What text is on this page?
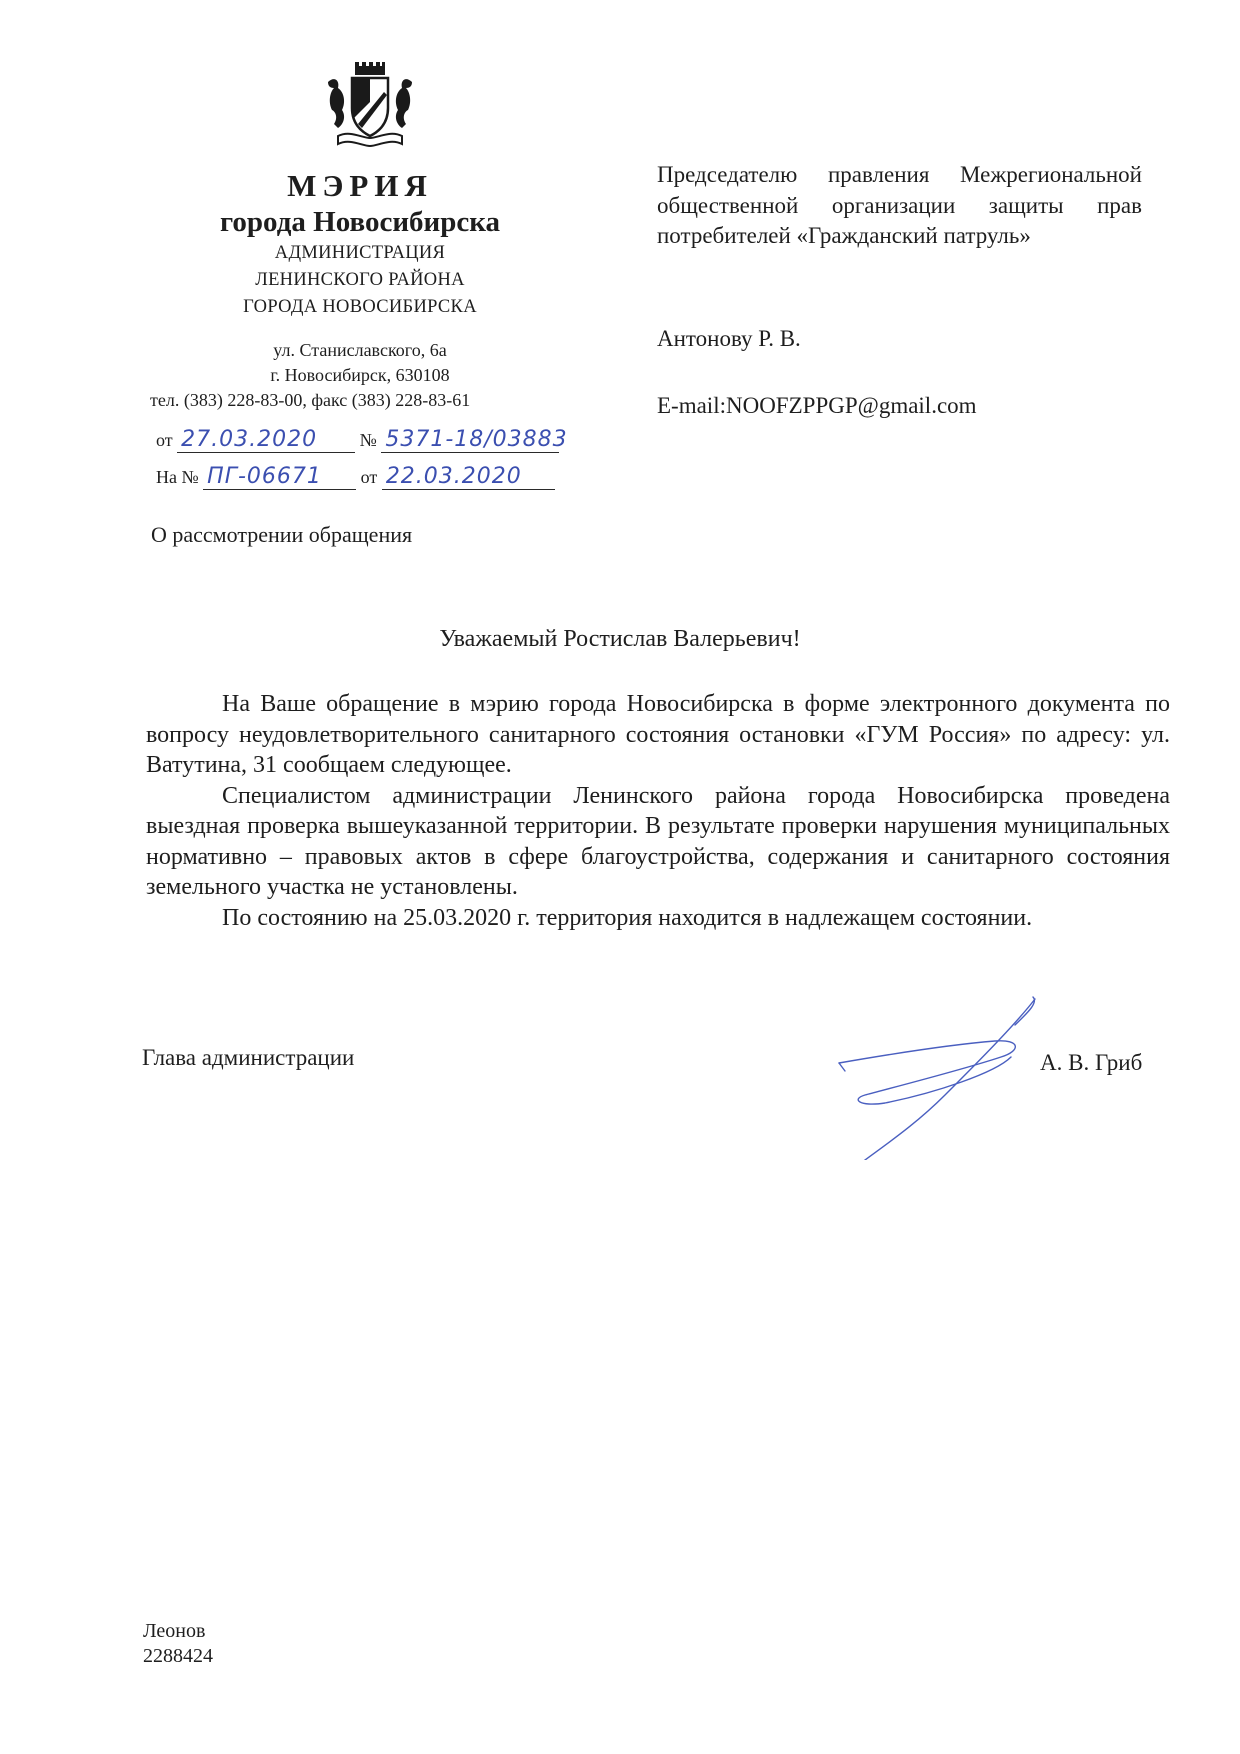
МЭРИЯ
города Новосибирска
АДМИНИСТРАЦИЯ
ЛЕНИНСКОГО РАЙОНА
ГОРОДА НОВОСИБИРСКА
ул. Станиславского, 6а
г. Новосибирск, 630108
тел. (383) 228-83-00, факс (383) 228-83-61
от 27.03.2020 № 5371-18/03883
На № ПГ-06671 от 22.03.2020
Председателю правления Межрегиональной общественной организации защиты прав потребителей «Гражданский патруль»
Антонову Р. В.
E-mail:NOOFZPPGP@gmail.com
О рассмотрении обращения
Уважаемый Ростислав Валерьевич!

На Ваше обращение в мэрию города Новосибирска в форме электронного документа по вопросу неудовлетворительного санитарного состояния остановки «ГУМ Россия» по адресу: ул. Ватутина, 31 сообщаем следующее.

Специалистом администрации Ленинского района города Новосибирска проведена выездная проверка вышеуказанной территории. В результате проверки нарушения муниципальных нормативно – правовых актов в сфере благоустройства, содержания и санитарного состояния земельного участка не установлены.

По состоянию на 25.03.2020 г. территория находится в надлежащем состоянии.

Глава администрации	А. В. Гриб
Леонов
2288424
